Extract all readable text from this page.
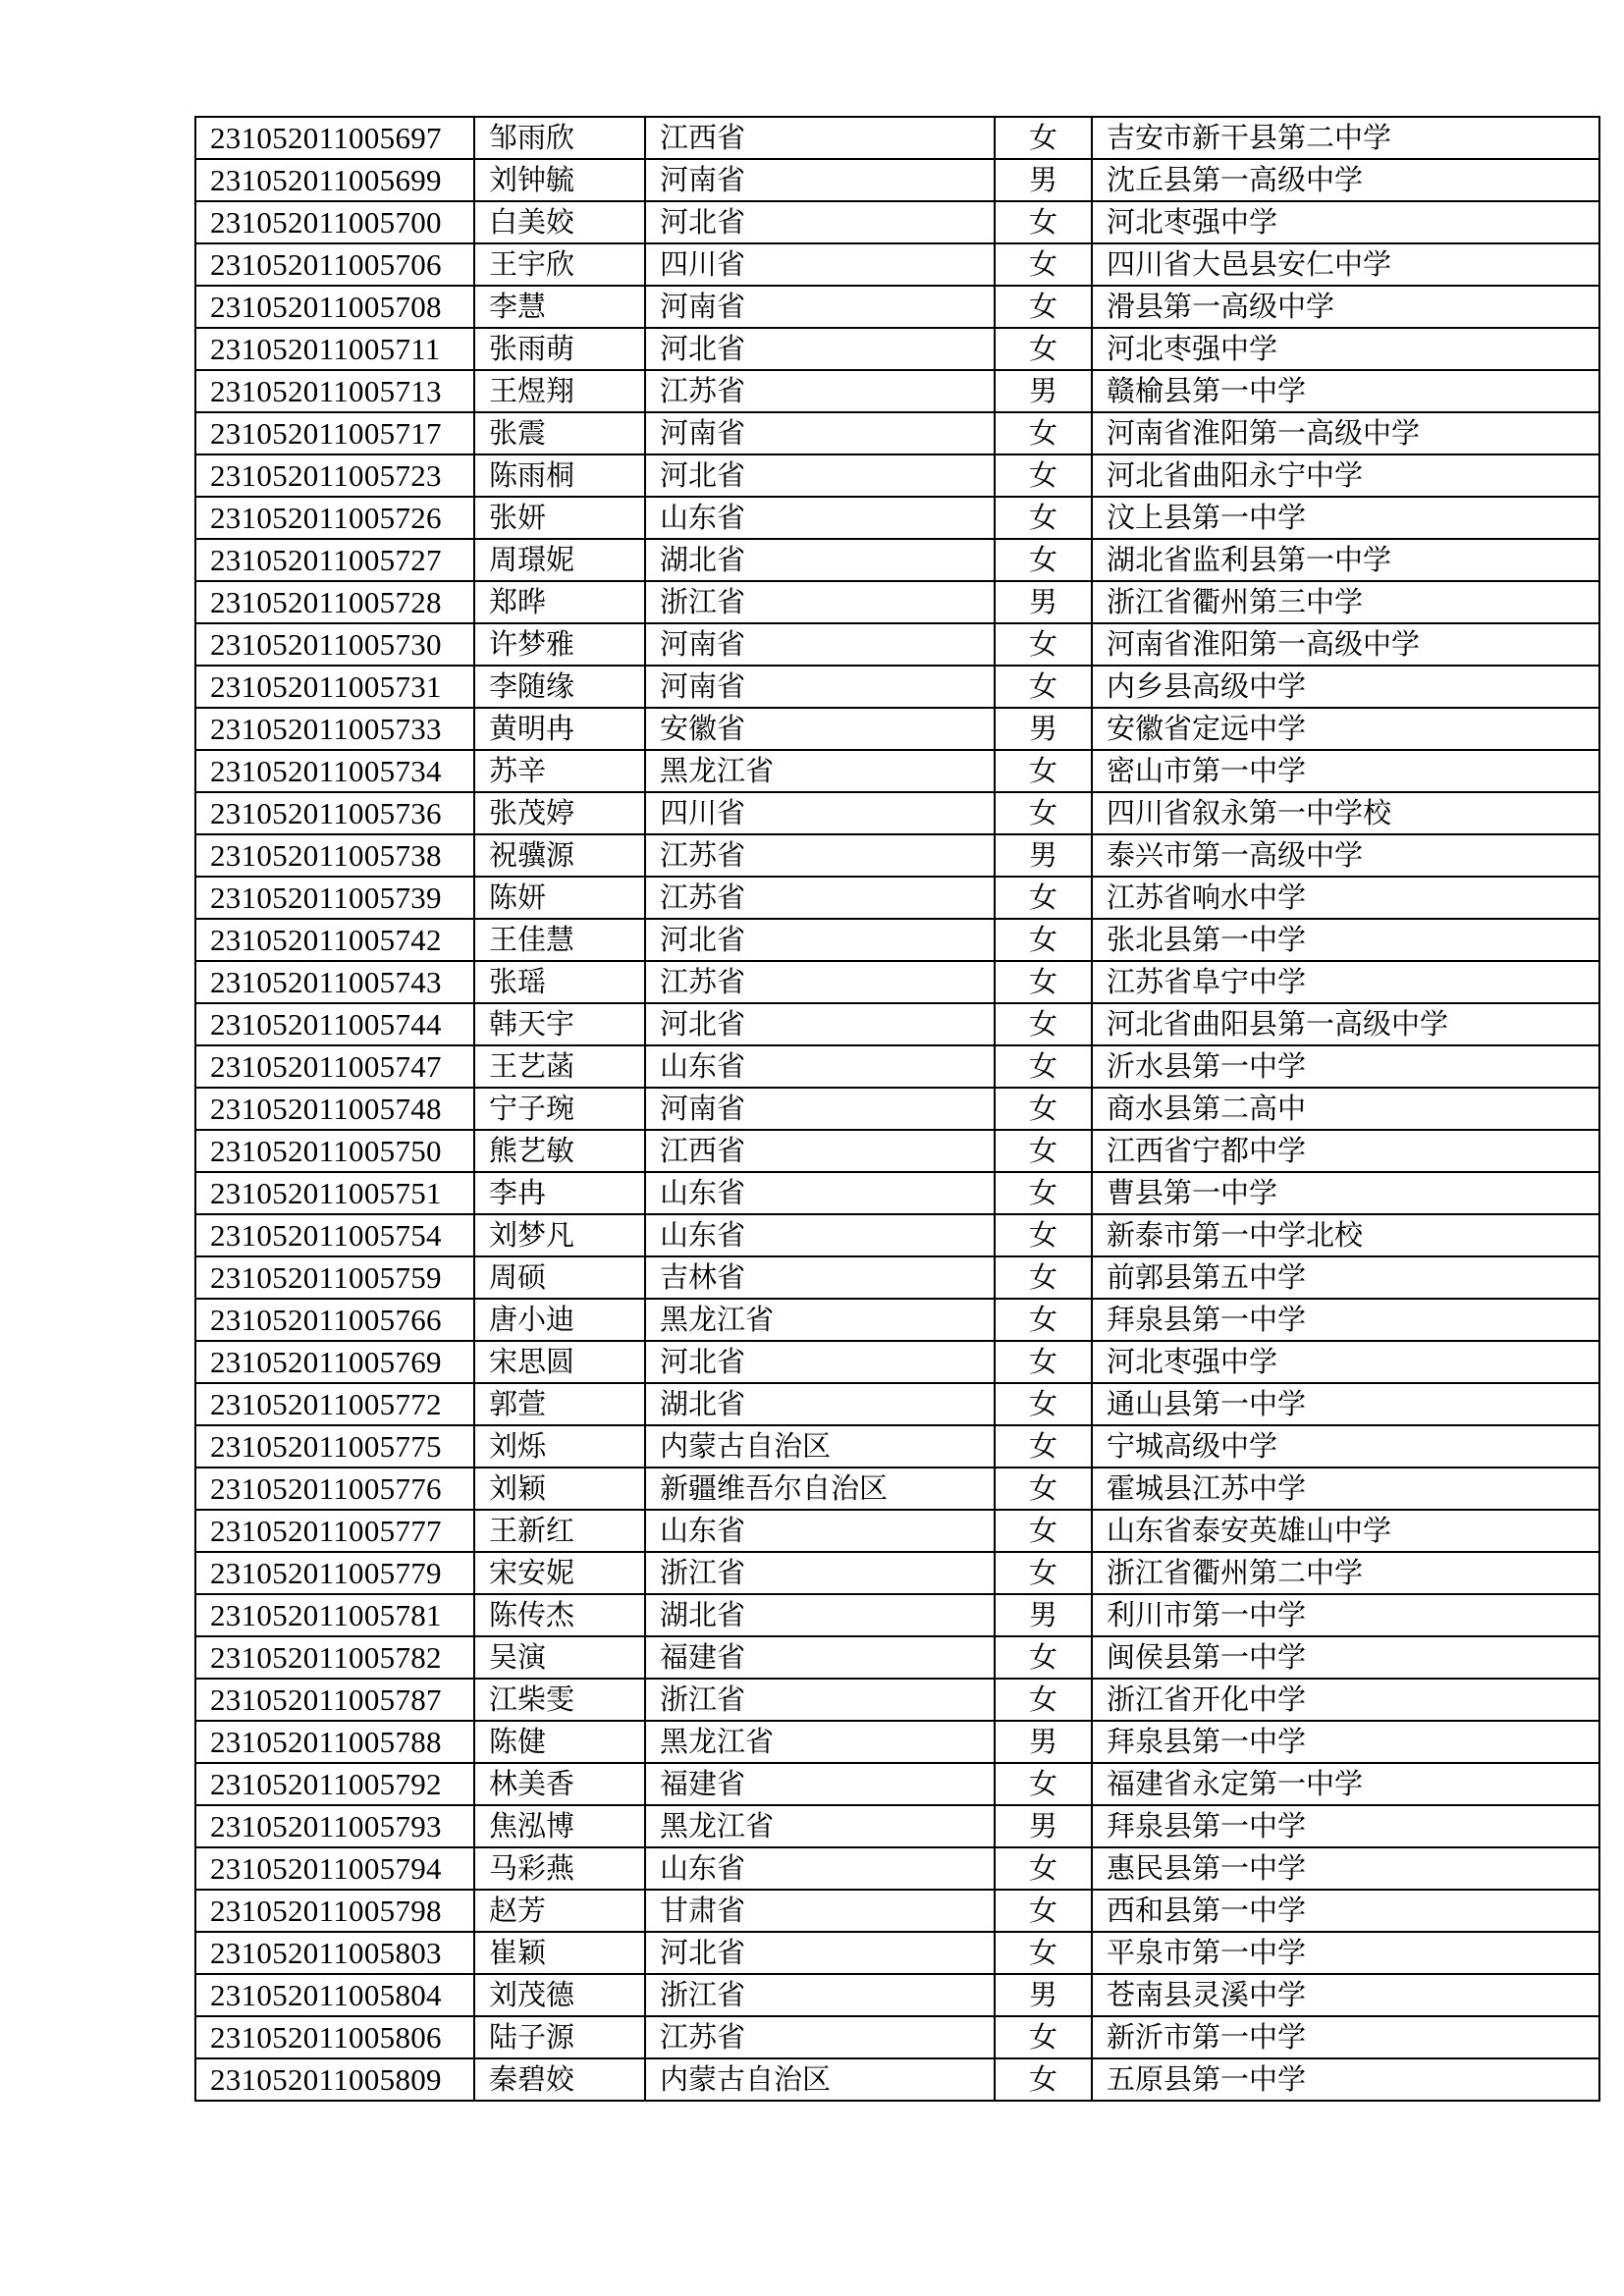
231052011005697	邹雨欣	江西省	女	吉安市新干县第二中学
231052011005699	刘钟毓	河南省	男	沈丘县第一高级中学
231052011005700	白美姣	河北省	女	河北枣强中学
231052011005706	王宇欣	四川省	女	四川省大邑县安仁中学
231052011005708	李慧	河南省	女	滑县第一高级中学
231052011005711	张雨萌	河北省	女	河北枣强中学
231052011005713	王煜翔	江苏省	男	赣榆县第一中学
231052011005717	张震	河南省	女	河南省淮阳第一高级中学
231052011005723	陈雨桐	河北省	女	河北省曲阳永宁中学
231052011005726	张妍	山东省	女	汶上县第一中学
231052011005727	周璟妮	湖北省	女	湖北省监利县第一中学
231052011005728	郑晔	浙江省	男	浙江省衢州第三中学
231052011005730	许梦雅	河南省	女	河南省淮阳第一高级中学
231052011005731	李随缘	河南省	女	内乡县高级中学
231052011005733	黄明冉	安徽省	男	安徽省定远中学
231052011005734	苏辛	黑龙江省	女	密山市第一中学
231052011005736	张茂婷	四川省	女	四川省叙永第一中学校
231052011005738	祝骥源	江苏省	男	泰兴市第一高级中学
231052011005739	陈妍	江苏省	女	江苏省响水中学
231052011005742	王佳慧	河北省	女	张北县第一中学
231052011005743	张瑶	江苏省	女	江苏省阜宁中学
231052011005744	韩天宇	河北省	女	河北省曲阳县第一高级中学
231052011005747	王艺菡	山东省	女	沂水县第一中学
231052011005748	宁子琬	河南省	女	商水县第二高中
231052011005750	熊艺敏	江西省	女	江西省宁都中学
231052011005751	李冉	山东省	女	曹县第一中学
231052011005754	刘梦凡	山东省	女	新泰市第一中学北校
231052011005759	周硕	吉林省	女	前郭县第五中学
231052011005766	唐小迪	黑龙江省	女	拜泉县第一中学
231052011005769	宋思圆	河北省	女	河北枣强中学
231052011005772	郭萱	湖北省	女	通山县第一中学
231052011005775	刘烁	内蒙古自治区	女	宁城高级中学
231052011005776	刘颖	新疆维吾尔自治区	女	霍城县江苏中学
231052011005777	王新红	山东省	女	山东省泰安英雄山中学
231052011005779	宋安妮	浙江省	女	浙江省衢州第二中学
231052011005781	陈传杰	湖北省	男	利川市第一中学
231052011005782	吴演	福建省	女	闽侯县第一中学
231052011005787	江柴雯	浙江省	女	浙江省开化中学
231052011005788	陈健	黑龙江省	男	拜泉县第一中学
231052011005792	林美香	福建省	女	福建省永定第一中学
231052011005793	焦泓博	黑龙江省	男	拜泉县第一中学
231052011005794	马彩燕	山东省	女	惠民县第一中学
231052011005798	赵芳	甘肃省	女	西和县第一中学
231052011005803	崔颖	河北省	女	平泉市第一中学
231052011005804	刘茂德	浙江省	男	苍南县灵溪中学
231052011005806	陆子源	江苏省	女	新沂市第一中学
231052011005809	秦碧姣	内蒙古自治区	女	五原县第一中学
